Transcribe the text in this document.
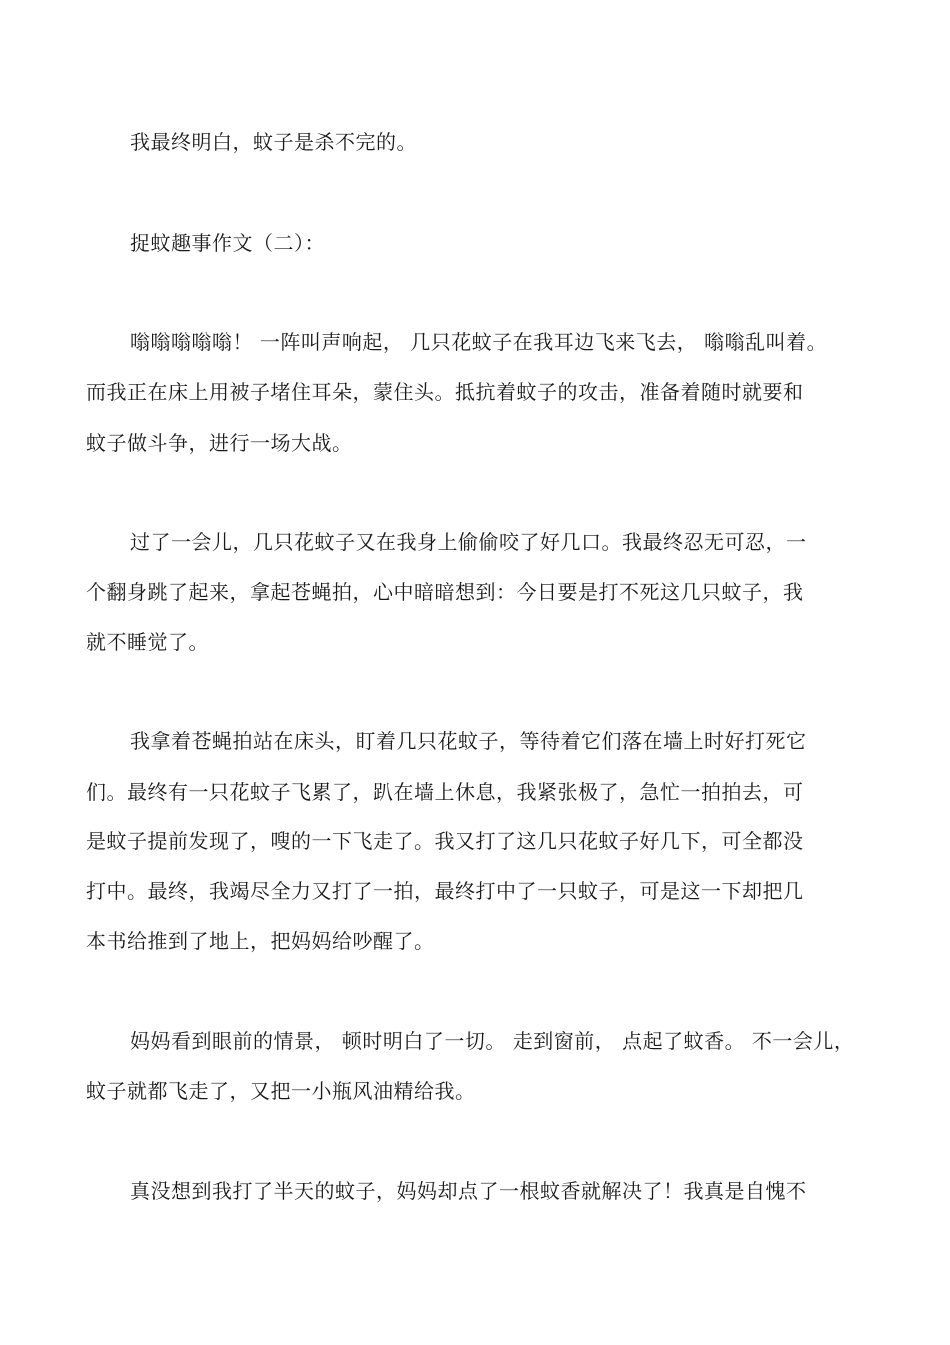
我最终明白，蚊子是杀不完的。
捉蚊趣事作文（二）：
嗡嗡嗡嗡嗡！ 一阵叫声响起， 几只花蚊子在我耳边飞来飞去， 嗡嗡乱叫着。
而我正在床上用被子堵住耳朵，蒙住头。抵抗着蚊子的攻击，准备着随时就要和
蚊子做斗争，进行一场大战。
过了一会儿，几只花蚊子又在我身上偷偷咬了好几口。我最终忍无可忍，一
个翻身跳了起来，拿起苍蝇拍，心中暗暗想到：今日要是打不死这几只蚊子，我
就不睡觉了。
我拿着苍蝇拍站在床头，盯着几只花蚊子，等待着它们落在墙上时好打死它
们。最终有一只花蚊子飞累了，趴在墙上休息，我紧张极了，急忙一拍拍去，可
是蚊子提前发现了，嗖的一下飞走了。我又打了这几只花蚊子好几下，可全都没
打中。最终，我竭尽全力又打了一拍，最终打中了一只蚊子，可是这一下却把几
本书给推到了地上，把妈妈给吵醒了。
妈妈看到眼前的情景， 顿时明白了一切。 走到窗前， 点起了蚊香。 不一会儿，
蚊子就都飞走了，又把一小瓶风油精给我。
真没想到我打了半天的蚊子，妈妈却点了一根蚊香就解决了！我真是自愧不
